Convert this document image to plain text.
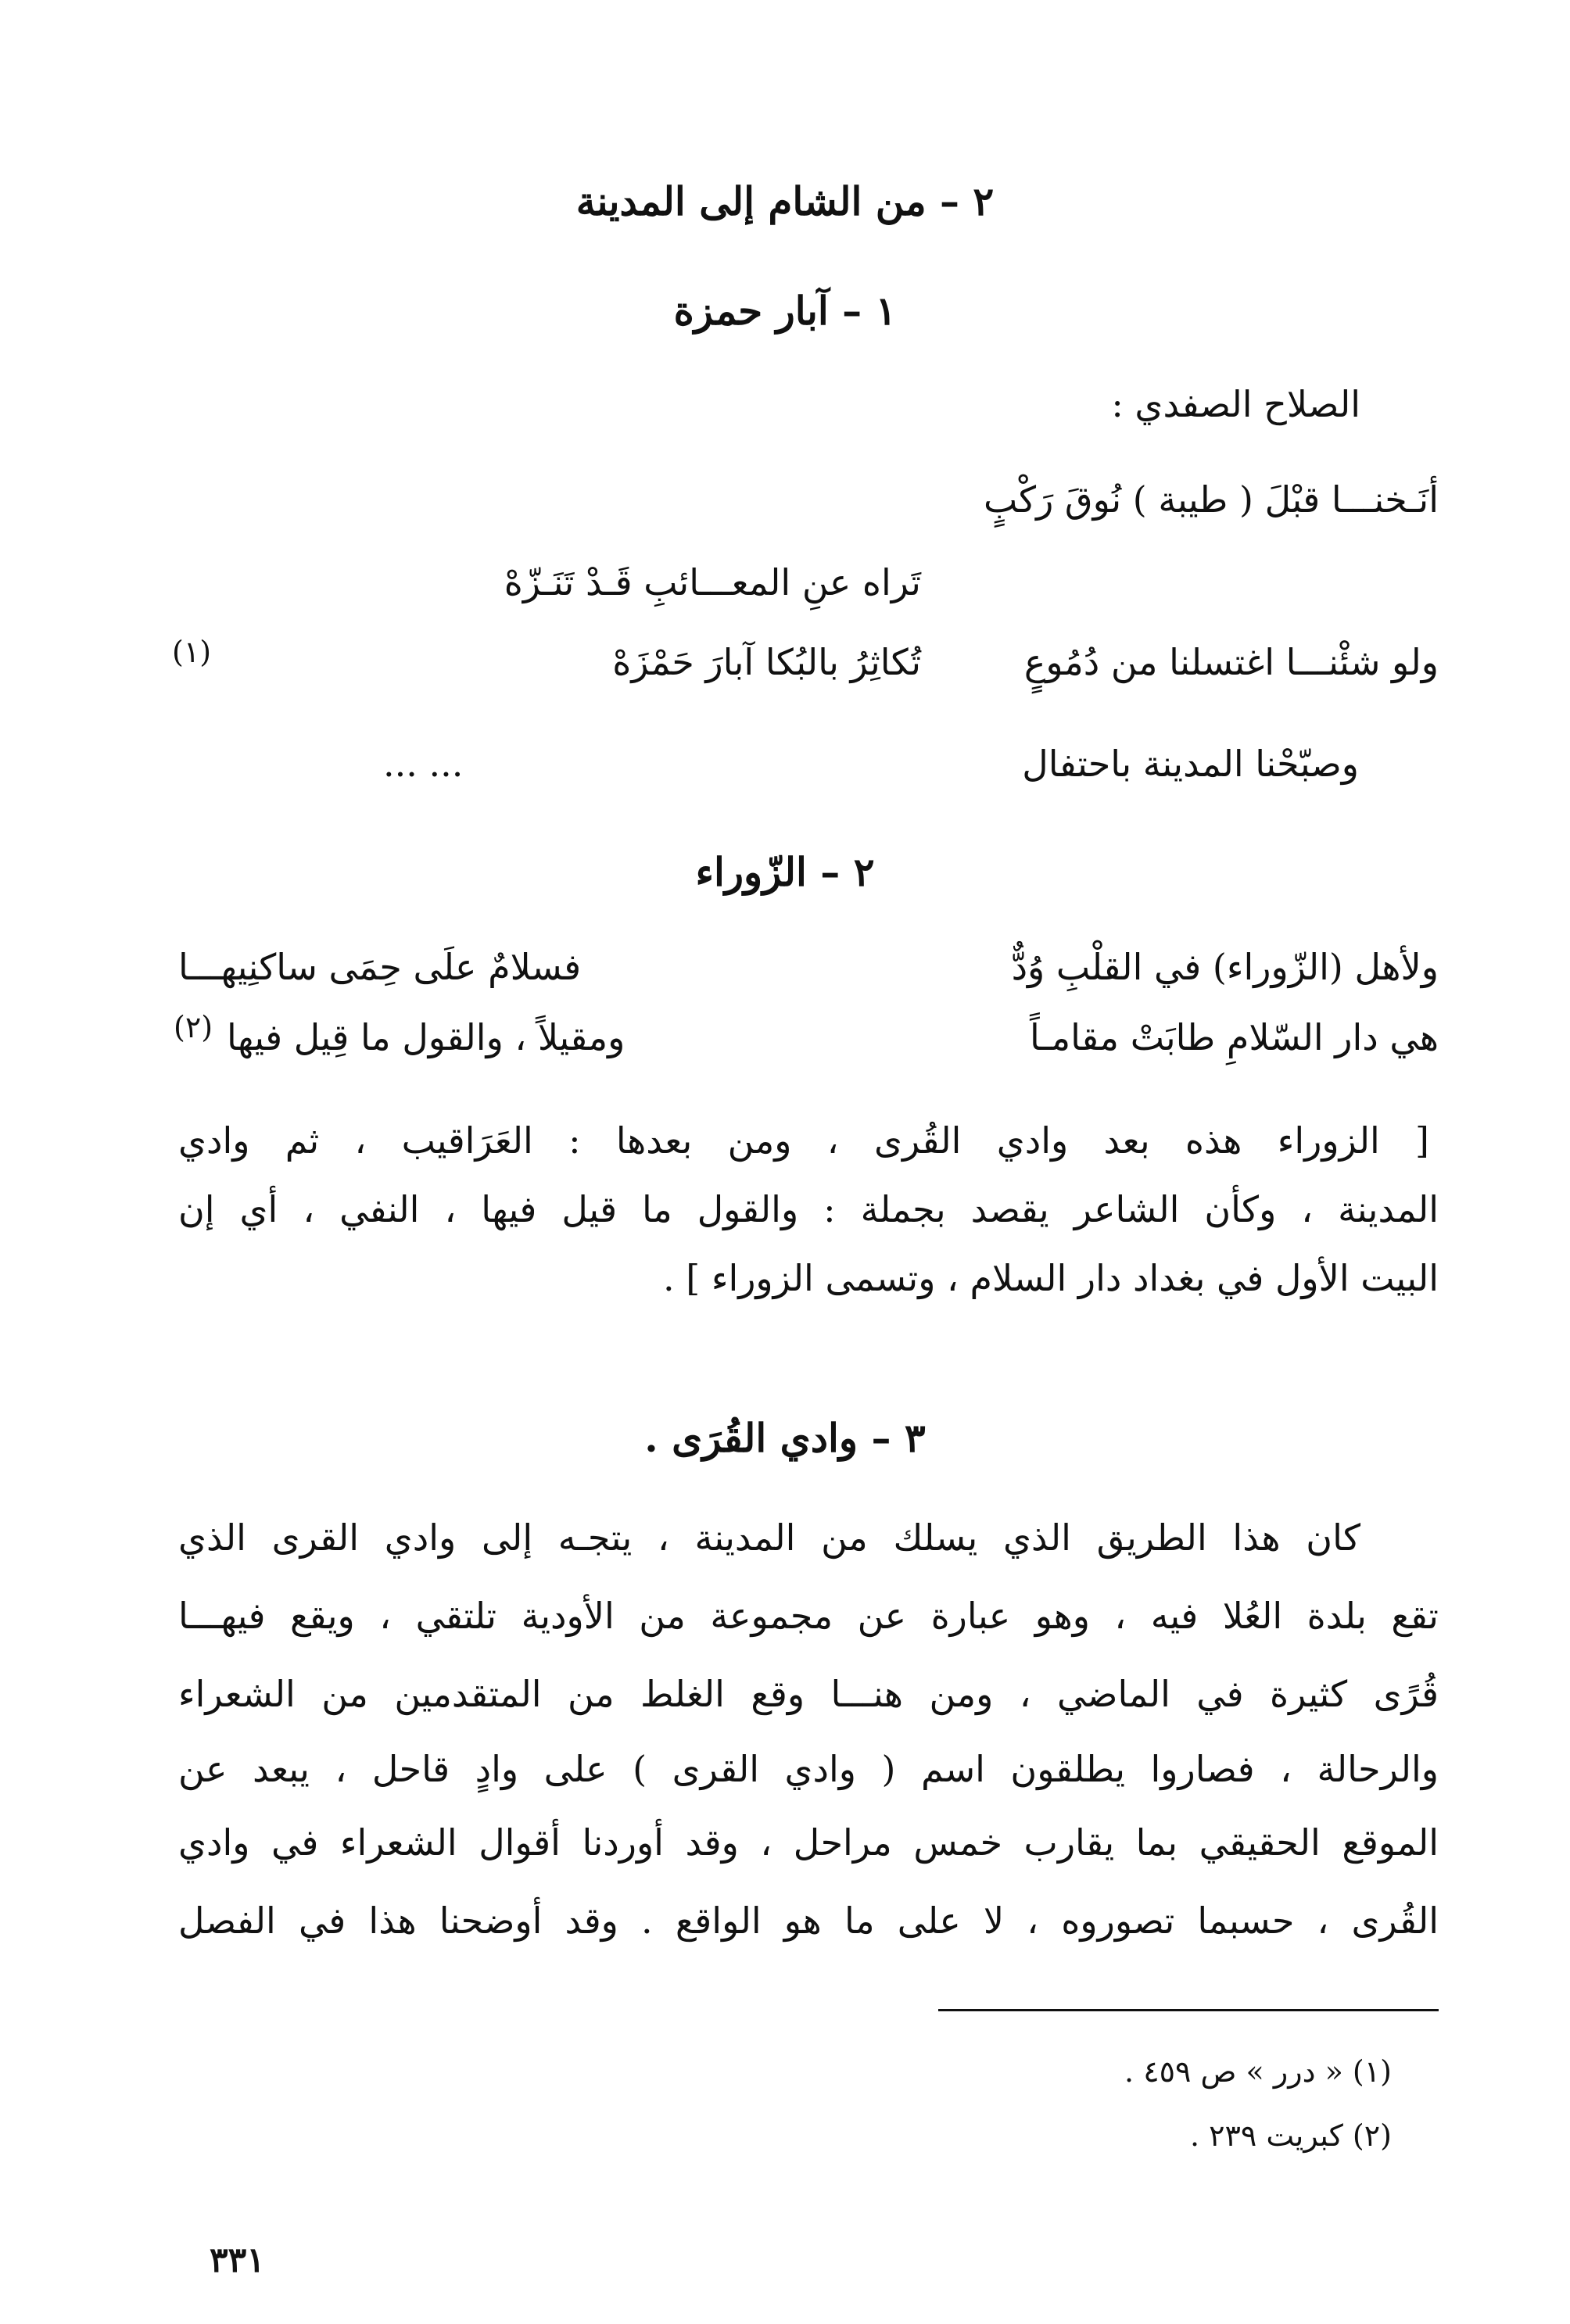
٢ – من الشام إلى المدينة
١ – آبار حمزة
الصلاح الصفدي :
أنَـخنـــا قبْلَ ( طيبة ) نُوقَ رَكْبٍ
تَراه عنِ المعـــائبِ قَـدْ تَنَـزّهْ
ولو شئْنـــا اغتسلنا من دُمُوعٍ
تُكاثِرُ بالبُكا آبارَ حَمْزَهْ
(١)
وصبّحْنا المدينة باحتفال
... ...
٢ – الزّوراء
ولأهل (الزّوراء) في القلْبِ وُدٌّ
فسلامٌ علَى حِمَى ساكنِيهـــا
هي دار السّلامِ طابَتْ مقامـاً
ومقيلاً ، والقول ما قِيل فيها
(٢)
[ الزوراء هذه بعد وادي القُرى ، ومن بعدها : العَرَاقيب ، ثم وادي
المدينة ، وكأن الشاعر يقصد بجملة : والقول ما قيل فيها ، النفي ، أي إن
البيت الأول في بغداد دار السلام ، وتسمى الزوراء ] .
٣ – وادي القُرَى .
كان هذا الطريق الذي يسلك من المدينة ، يتجـه إلى وادي القرى الذي
تقع بلدة العُلا فيه ، وهو عبارة عن مجموعة من الأودية تلتقي ، ويقع فيهـــا
قُرًى كثيرة في الماضي ، ومن هنـــا وقع الغلط من المتقدمين من الشعراء
والرحالة ، فصاروا يطلقون اسم ( وادي القرى ) على وادٍ قاحل ، يبعد عن
الموقع الحقيقي بما يقارب خمس مراحل ، وقد أوردنا أقوال الشعراء في وادي
القُرى ، حسبما تصوروه ، لا على ما هو الواقع . وقد أوضحنا هذا في الفصل
(١) « درر » ص ٤٥٩ .
(٢) كبريت ٢٣٩ .
٣٣١
